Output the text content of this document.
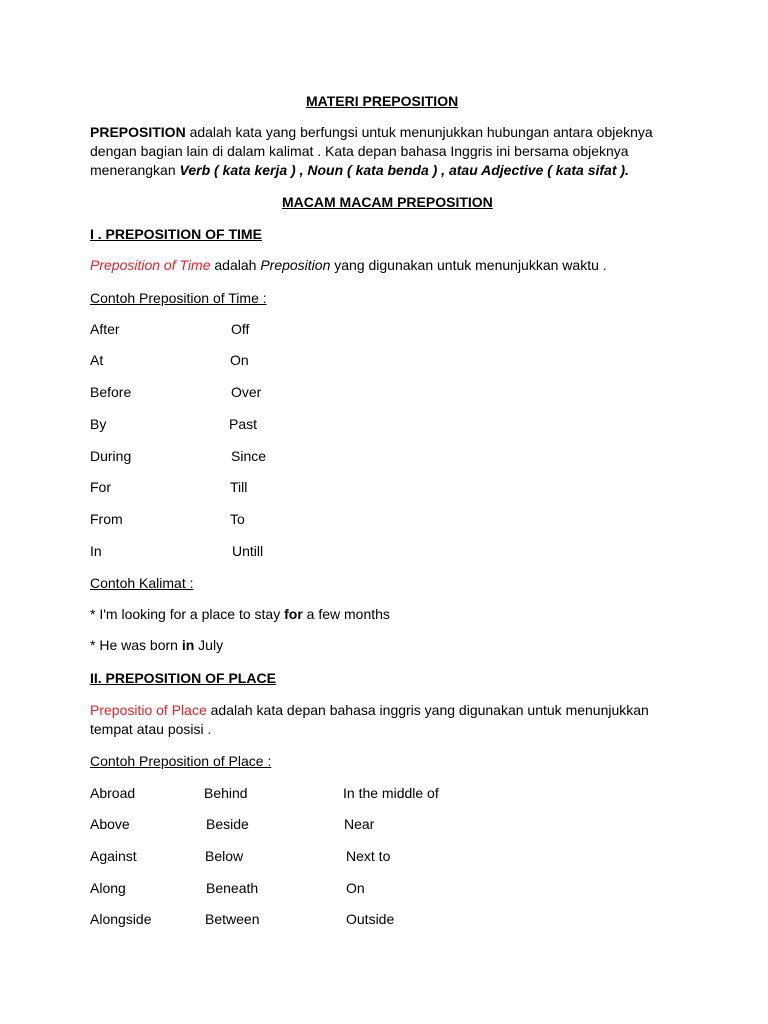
MATERI PREPOSITION
PREPOSITION adalah kata yang berfungsi untuk menunjukkan hubungan antara objeknya
dengan bagian lain di dalam kalimat . Kata depan bahasa Inggris ini bersama objeknya
menerangkan Verb ( kata kerja ) , Noun ( kata benda ) , atau Adjective ( kata sifat ).
MACAM MACAM PREPOSITION
I . PREPOSITION OF TIME
Preposition of Time adalah Preposition yang digunakan untuk menunjukkan waktu .
Contoh Preposition of Time :
After
At
Before
By
During
For
From
In
Off
On
Over
Past
Since
Till
To
Untill
Contoh Kalimat :
* I'm looking for a place to stay for a few months
* He was born in July
II. PREPOSITION OF PLACE
Prepositio of Place adalah kata depan bahasa inggris yang digunakan untuk menunjukkan
tempat atau posisi .
Contoh Preposition of Place :
Abroad
Above
Against
Along
Alongside
Behind
Beside
Below
Beneath
Between
In the middle of
Near
Next to
On
Outside
